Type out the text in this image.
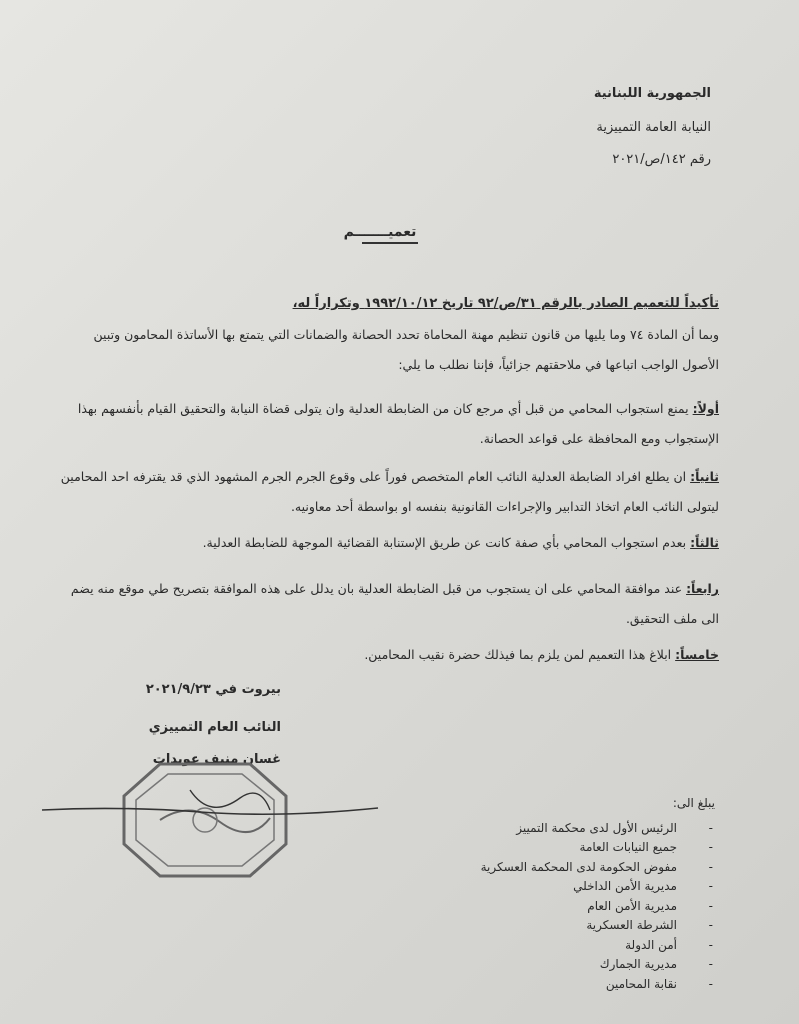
الجمهورية اللبنانية
النيابة العامة التمييزية
رقم ١٤٢/ص/٢٠٢١
تعميـــــــم
تأكيداً للتعميم الصادر بالرقم ٣١/ص/٩٢ تاريخ ١٩٩٢/١٠/١٢ وتكراراً له،
وبما أن المادة ٧٤ وما يليها من قانون تنظيم مهنة المحاماة تحدد الحصانة والضمانات التي يتمتع بها الأساتذة المحامون وتبين الأصول الواجب اتباعها في ملاحقتهم جزائياً، فإننا نطلب ما يلي:
أولاً: يمنع استجواب المحامي من قبل أي مرجع كان من الضابطة العدلية وان يتولى قضاة النيابة والتحقيق القيام بأنفسهم بهذا الإستجواب ومع المحافظة على قواعد الحصانة.
ثانياً: ان يطلع افراد الضابطة العدلية النائب العام المتخصص فوراً على وقوع الجرم الجرم المشهود الذي قد يقترفه احد المحامين ليتولى النائب العام اتخاذ التدابير والإجراءات القانونية بنفسه او بواسطة أحد معاونيه.
ثالثاً: بعدم استجواب المحامي بأي صفة كانت عن طريق الإستنابة القضائية الموجهة للضابطة العدلية.
رابعاً: عند موافقة المحامي على ان يستجوب من قبل الضابطة العدلية بان يدلل على هذه الموافقة بتصريح طي موقع منه يضم الى ملف التحقيق.
خامساً: ابلاغ هذا التعميم لمن يلزم بما فيذلك حضرة نقيب المحامين.
بيروت في ٢٠٢١/٩/٢٣
النائب العام التمييزي
غسان منيف عويدات
يبلغ الى:
-
الرئيس الأول لدى محكمة التمييز
-
جميع النيابات العامة
-
مفوض الحكومة لدى المحكمة العسكرية
-
مديرية الأمن الداخلي
-
مديرية الأمن العام
-
الشرطة العسكرية
-
أمن الدولة
-
مديرية الجمارك
-
نقابة المحامين
